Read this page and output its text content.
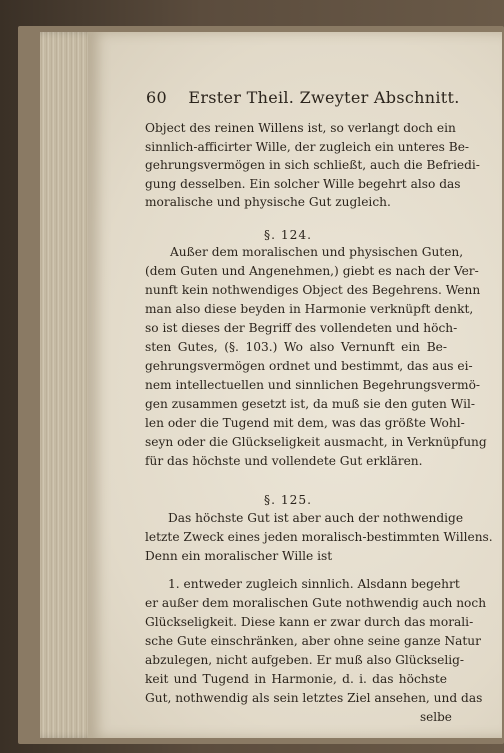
60 Erster Theil. Zweyter Abschnitt.
Object des reinen Willens ist, so verlangt doch ein
sinnlich-afficirter Wille, der zugleich ein unteres Be-
gehrungsvermögen in sich schließt, auch die Befriedi-
gung desselben. Ein solcher Wille begehrt also das
moralische und physische Gut zugleich.
§. 124.
Außer dem moralischen und physischen Guten,
(dem Guten und Angenehmen,) giebt es nach der Ver-
nunft kein nothwendiges Object des Begehrens. Wenn
man also diese beyden in Harmonie verknüpft denkt,
so ist dieses der Begriff des vollendeten und höch-
sten Gutes, (§. 103.) Wo also Vernunft ein Be-
gehrungsvermögen ordnet und bestimmt, das aus ei-
nem intellectuellen und sinnlichen Begehrungsvermö-
gen zusammen gesetzt ist, da muß sie den guten Wil-
len oder die Tugend mit dem, was das größte Wohl-
seyn oder die Glückseligkeit ausmacht, in Verknüpfung
für das höchste und vollendete Gut erklären.
§. 125.
Das höchste Gut ist aber auch der nothwendige
letzte Zweck eines jeden moralisch-bestimmten Willens.
Denn ein moralischer Wille ist
1. entweder zugleich sinnlich. Alsdann begehrt
er außer dem moralischen Gute nothwendig auch noch
Glückseligkeit. Diese kann er zwar durch das morali-
sche Gute einschränken, aber ohne seine ganze Natur
abzulegen, nicht aufgeben. Er muß also Glückselig-
keit und Tugend in Harmonie, d. i. das höchste
Gut, nothwendig als sein letztes Ziel ansehen, und das
selbe
